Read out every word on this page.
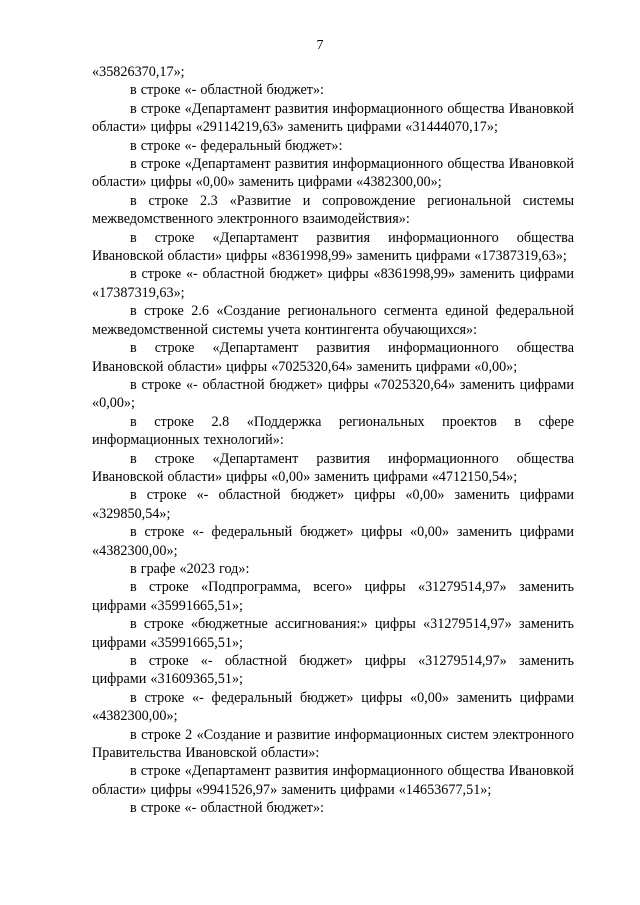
7

«35826370,17»;

в строке «- областной бюджет»:

в строке «Департамент развития информационного общества Ивановкой области» цифры «29114219,63» заменить цифрами «31444070,17»;

в строке «- федеральный бюджет»:

в строке «Департамент развития информационного общества Ивановкой области» цифры «0,00» заменить цифрами «4382300,00»;

в строке 2.3 «Развитие и сопровождение региональной системы межведомственного электронного взаимодействия»:

в строке «Департамент развития информационного общества Ивановской области» цифры «8361998,99» заменить цифрами «17387319,63»;

в строке «- областной бюджет» цифры «8361998,99» заменить цифрами «17387319,63»;

в строке 2.6 «Создание регионального сегмента единой федеральной межведомственной системы учета контингента обучающихся»:

в строке «Департамент развития информационного общества Ивановской области» цифры «7025320,64» заменить цифрами «0,00»;

в строке «- областной бюджет» цифры «7025320,64» заменить цифрами «0,00»;

в строке 2.8 «Поддержка региональных проектов в сфере информационных технологий»:

в строке «Департамент развития информационного общества Ивановской области» цифры «0,00» заменить цифрами «4712150,54»;

в строке «- областной бюджет» цифры «0,00» заменить цифрами «329850,54»;

в строке «- федеральный бюджет» цифры «0,00» заменить цифрами «4382300,00»;

в графе «2023 год»:

в строке «Подпрограмма, всего» цифры «31279514,97» заменить цифрами «35991665,51»;

в строке «бюджетные ассигнования:» цифры «31279514,97» заменить цифрами «35991665,51»;

в строке «- областной бюджет» цифры «31279514,97» заменить цифрами «31609365,51»;

в строке «- федеральный бюджет» цифры «0,00» заменить цифрами «4382300,00»;

в строке 2 «Создание и развитие информационных систем электронного Правительства Ивановской области»:

в строке «Департамент развития информационного общества Ивановкой области» цифры «9941526,97» заменить цифрами «14653677,51»;

в строке «- областной бюджет»:
